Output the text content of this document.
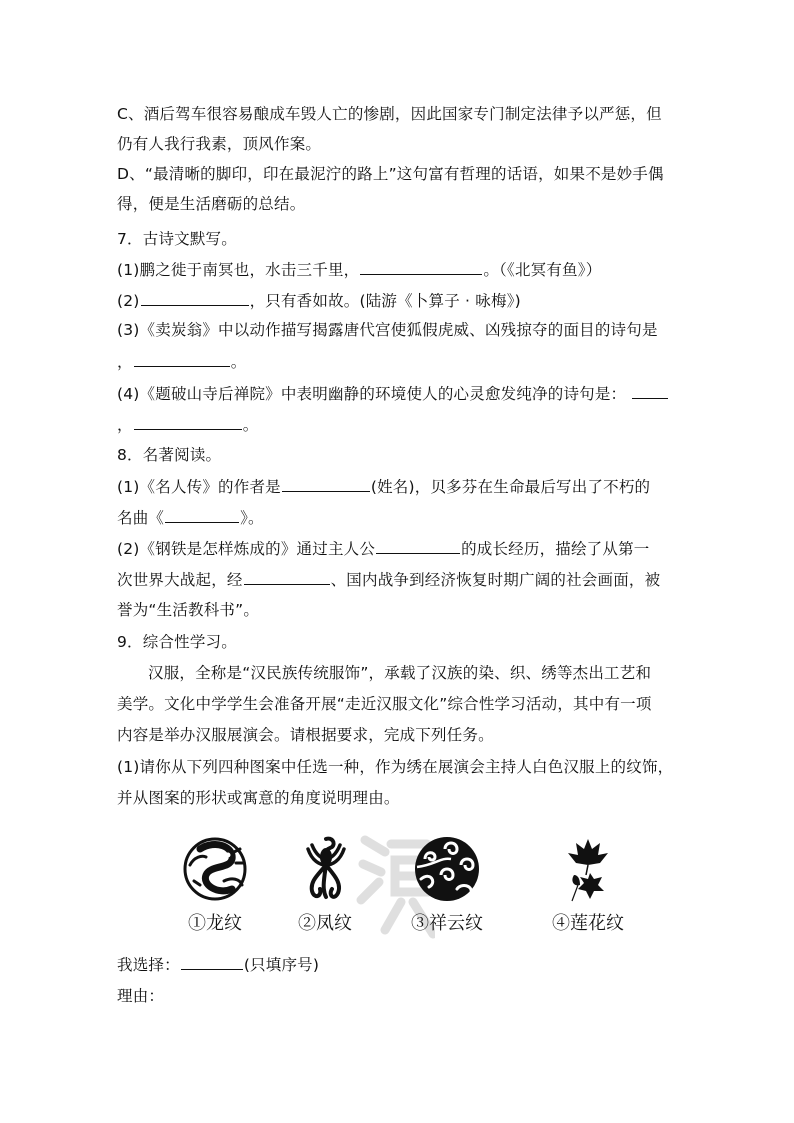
C、酒后驾车很容易酿成车毁人亡的惨剧，因此国家专门制定法律予以严惩，但
仍有人我行我素，顶风作案。
D、“最清晰的脚印，印在最泥泞的路上”这句富有哲理的话语，如果不是妙手偶
得，便是生活磨砺的总结。
7．古诗文默写。
(1)鹏之徙于南冥也，水击三千里，	。（《北冥有鱼》）
(2)	，只有香如故。(陆游《卜算子 · 咏梅》)
(3)《卖炭翁》中以动作描写揭露唐代宫使狐假虎威、凶残掠夺的面目的诗句是
，	。
(4)《题破山寺后禅院》中表明幽静的环境使人的心灵愈发纯净的诗句是：
，	。
8．名著阅读。
(1)《名人传》的作者是	(姓名)，贝多芬在生命最后写出了不朽的
名曲《	》。
(2)《钢铁是怎样炼成的》通过主人公	的成长经历，描绘了从第一
次世界大战起，经	、国内战争到经济恢复时期广阔的社会画面，被
誉为“生活教科书”。
9．综合性学习。
汉服，全称是“汉民族传统服饰”，承载了汉族的染、织、绣等杰出工艺和
美学。文化中学学生会准备开展“走近汉服文化”综合性学习活动，其中有一项
内容是举办汉服展演会。请根据要求，完成下列任务。
(1)请你从下列四种图案中任选一种，作为绣在展演会主持人白色汉服上的纹饰，
并从图案的形状或寓意的角度说明理由。
①龙纹	②凤纹	③祥云纹	④莲花纹
我选择：	(只填序号)
理由：
